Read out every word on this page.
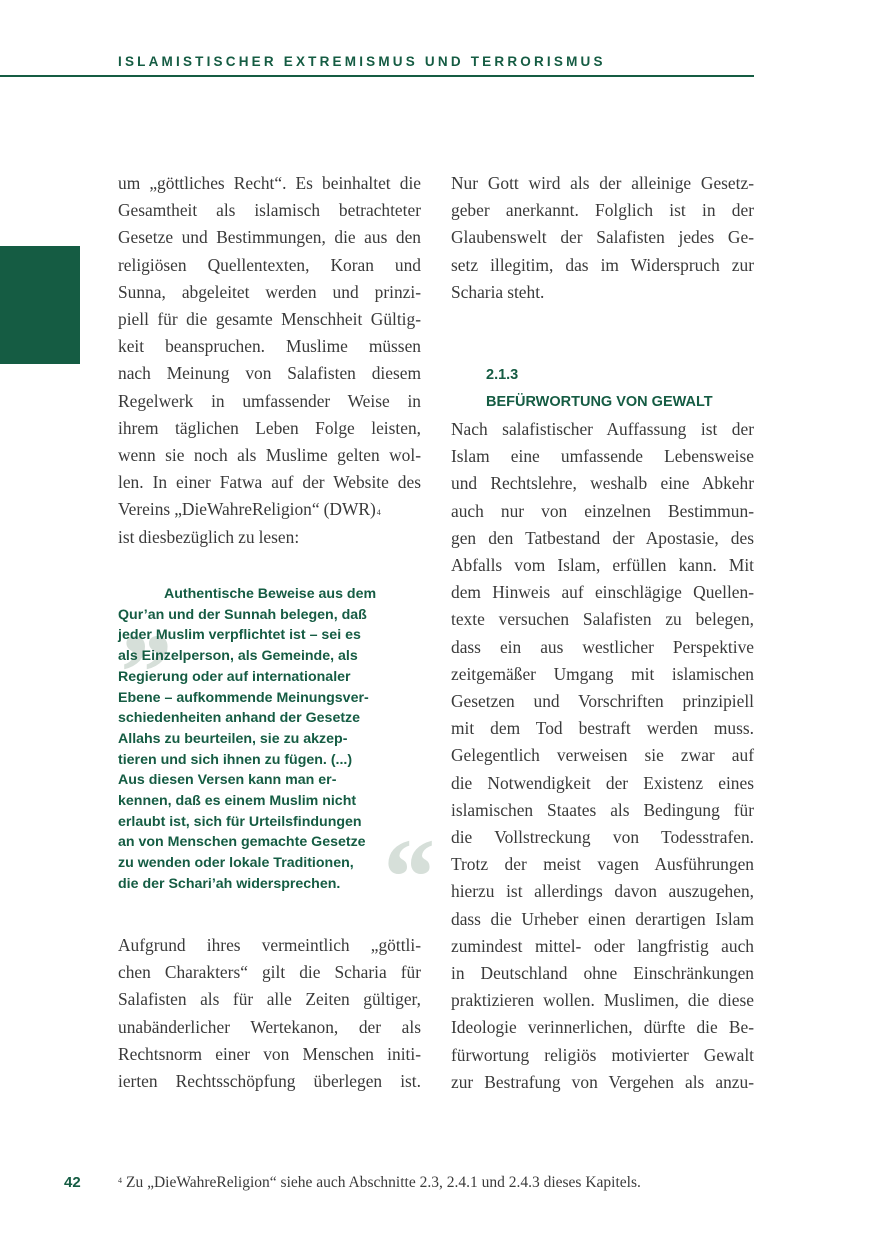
ISLAMISTISCHER EXTREMISMUS UND TERRORISMUS
um „göttliches Recht“. Es beinhaltet die
Gesamtheit als islamisch betrachteter
Gesetze und Bestimmungen, die aus den
religiösen Quellentexten, Koran und
Sunna, abgeleitet werden und prinzi-
piell für die gesamte Menschheit Gültig-
keit beanspruchen. Muslime müssen
nach Meinung von Salafisten diesem
Regelwerk in umfassender Weise in
ihrem täglichen Leben Folge leisten,
wenn sie noch als Muslime gelten wol-
len. In einer Fatwa auf der Website des
Vereins „DieWahreReligion“ (DWR)$^4$
ist diesbezüglich zu lesen:
„
“
Authentische Beweise aus dem
Qur’an und der Sunnah belegen, daß
jeder Muslim verpflichtet ist – sei es
als Einzelperson, als Gemeinde, als
Regierung oder auf internationaler
Ebene – aufkommende Meinungsver-
schiedenheiten anhand der Gesetze
Allahs zu beurteilen, sie zu akzep-
tieren und sich ihnen zu fügen. (...)
Aus diesen Versen kann man er-
kennen, daß es einem Muslim nicht
erlaubt ist, sich für Urteilsfindungen
an von Menschen gemachte Gesetze
zu wenden oder lokale Traditionen,
die der Schari’ah widersprechen.
Aufgrund ihres vermeintlich „göttli-
chen Charakters“ gilt die Scharia für
Salafisten als für alle Zeiten gültiger,
unabänderlicher Wertekanon, der als
Rechtsnorm einer von Menschen initi-
ierten Rechtsschöpfung überlegen ist.
Nur Gott wird als der alleinige Gesetz-
geber anerkannt. Folglich ist in der
Glaubenswelt der Salafisten jedes Ge-
setz illegitim, das im Widerspruch zur
Scharia steht.
2.1.3
BEFÜRWORTUNG VON GEWALT
Nach salafistischer Auffassung ist der
Islam eine umfassende Lebensweise
und Rechtslehre, weshalb eine Abkehr
auch nur von einzelnen Bestimmun-
gen den Tatbestand der Apostasie, des
Abfalls vom Islam, erfüllen kann. Mit
dem Hinweis auf einschlägige Quellen-
texte versuchen Salafisten zu belegen,
dass ein aus westlicher Perspektive
zeitgemäßer Umgang mit islamischen
Gesetzen und Vorschriften prinzipiell
mit dem Tod bestraft werden muss.
Gelegentlich verweisen sie zwar auf
die Notwendigkeit der Existenz eines
islamischen Staates als Bedingung für
die Vollstreckung von Todesstrafen.
Trotz der meist vagen Ausführungen
hierzu ist allerdings davon auszugehen,
dass die Urheber einen derartigen Islam
zumindest mittel- oder langfristig auch
in Deutschland ohne Einschränkungen
praktizieren wollen. Muslimen, die diese
Ideologie verinnerlichen, dürfte die Be-
fürwortung religiös motivierter Gewalt
zur Bestrafung von Vergehen als anzu-
42	$^4$ Zu „DieWahreReligion“ siehe auch Abschnitte 2.3, 2.4.1 und 2.4.3 dieses Kapitels.
